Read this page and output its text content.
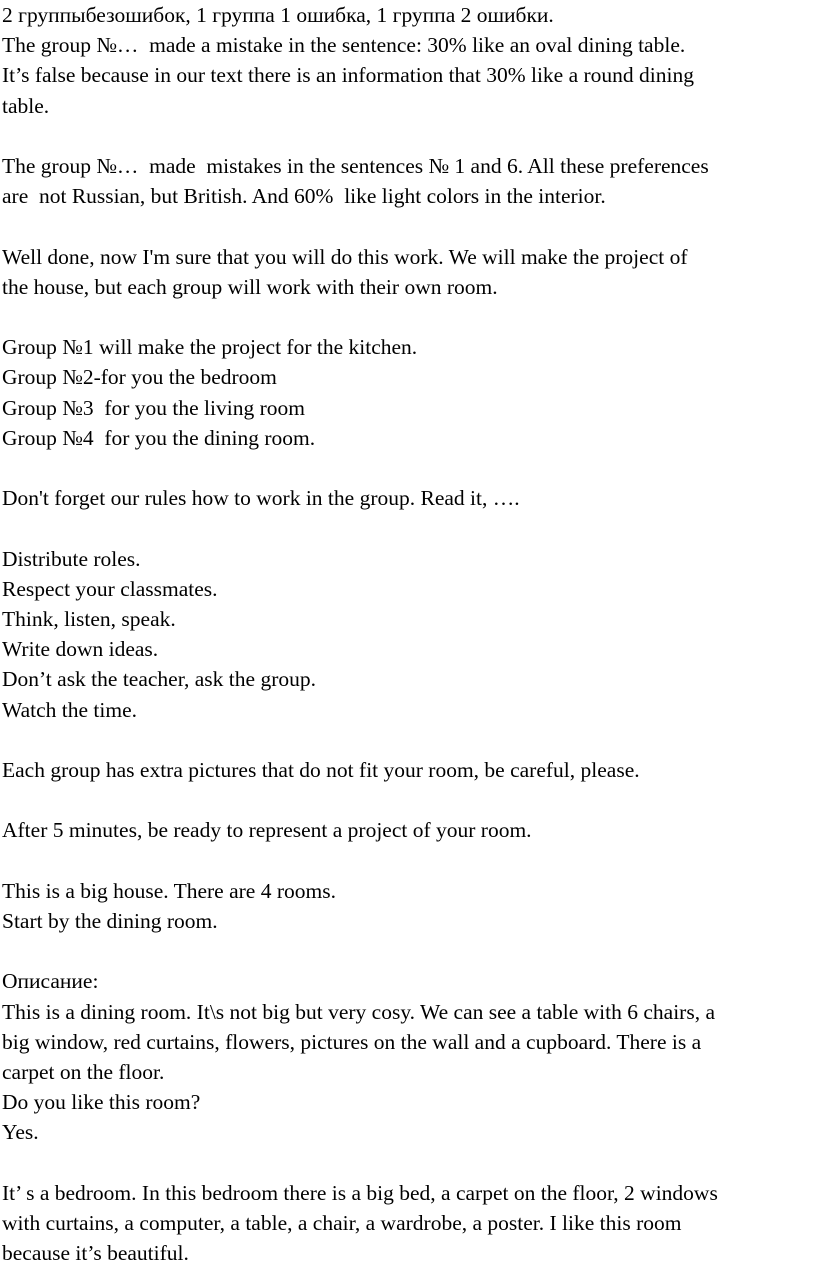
2 группыбезошибок, 1 группа 1 ошибка, 1 группа 2 ошибки.
The group №…  made a mistake in the sentence: 30% like an oval dining table.
It’s false because in our text there is an information that 30% like a round dining
table.
The group №…  made  mistakes in the sentences № 1 and 6. All these preferences
are  not Russian, but British. And 60%  like light colors in the interior.
Well done, now I'm sure that you will do this work. We will make the project of
the house, but each group will work with their own room.
Group №1 will make the project for the kitchen.
Group №2-for you the bedroom
Group №3  for you the living room
Group №4  for you the dining room.
Don't forget our rules how to work in the group. Read it, ….
Distribute roles.
Respect your classmates.
Think, listen, speak.
Write down ideas.
Don’t ask the teacher, ask the group.
Watch the time.
Each group has extra pictures that do not fit your room, be careful, please.
After 5 minutes, be ready to represent a project of your room.
This is a big house. There are 4 rooms.
Start by the dining room.
Описание:
This is a dining room. It\s not big but very cosy. We can see a table with 6 chairs, a
big window, red curtains, flowers, pictures on the wall and a cupboard. There is a
carpet on the floor.
Do you like this room?
Yes.
It’ s a bedroom. In this bedroom there is a big bed, a carpet on the floor, 2 windows
with curtains, a computer, a table, a chair, a wardrobe, a poster. I like this room
because it’s beautiful.
